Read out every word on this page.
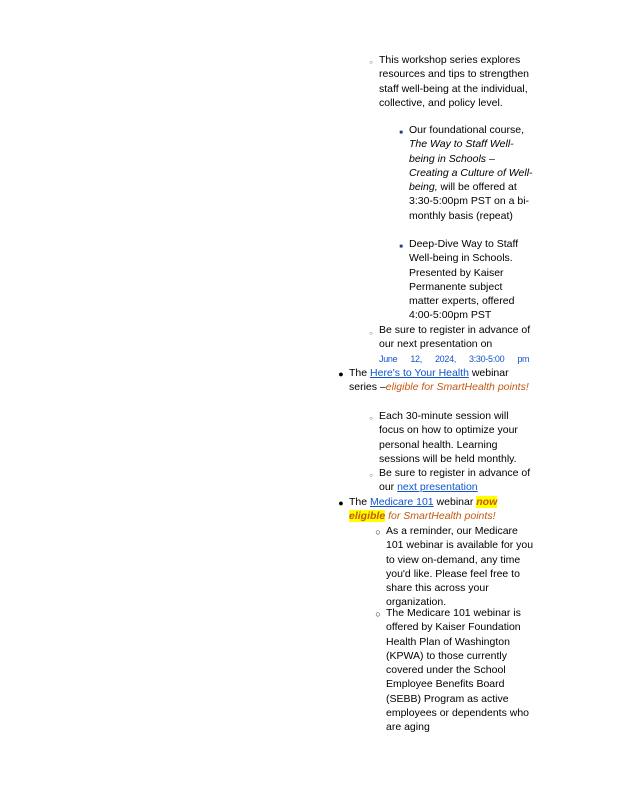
○ This workshop series explores resources and tips to strengthen staff well-being at the individual, collective, and policy level.

■ Our foundational course, The Way to Staff Well-being in Schools – Creating a Culture of Well-being, will be offered at 3:30-5:00pm PST on a bi-monthly basis (repeat)

■ Deep-Dive Way to Staff Well-being in Schools. Presented by Kaiser Permanente subject matter experts, offered 4:00-5:00pm PST

○ Be sure to register in advance of our next presentation on

June 12, 2024, 3:30-5:00 pm
● The Here's to Your Health webinar series –eligible for SmartHealth points!

○ Each 30-minute session will focus on how to optimize your personal health. Learning sessions will be held monthly.

○ Be sure to register in advance of our next presentation

● The Medicare 101 webinar now eligible for SmartHealth points!

○ As a reminder, our Medicare 101 webinar is available for you to view on-demand, any time you'd like. Please feel free to share this across your organization.

○ The Medicare 101 webinar is offered by Kaiser Foundation Health Plan of Washington (KPWA) to those currently covered under the School Employee Benefits Board (SEBB) Program as active employees or dependents who are aging
